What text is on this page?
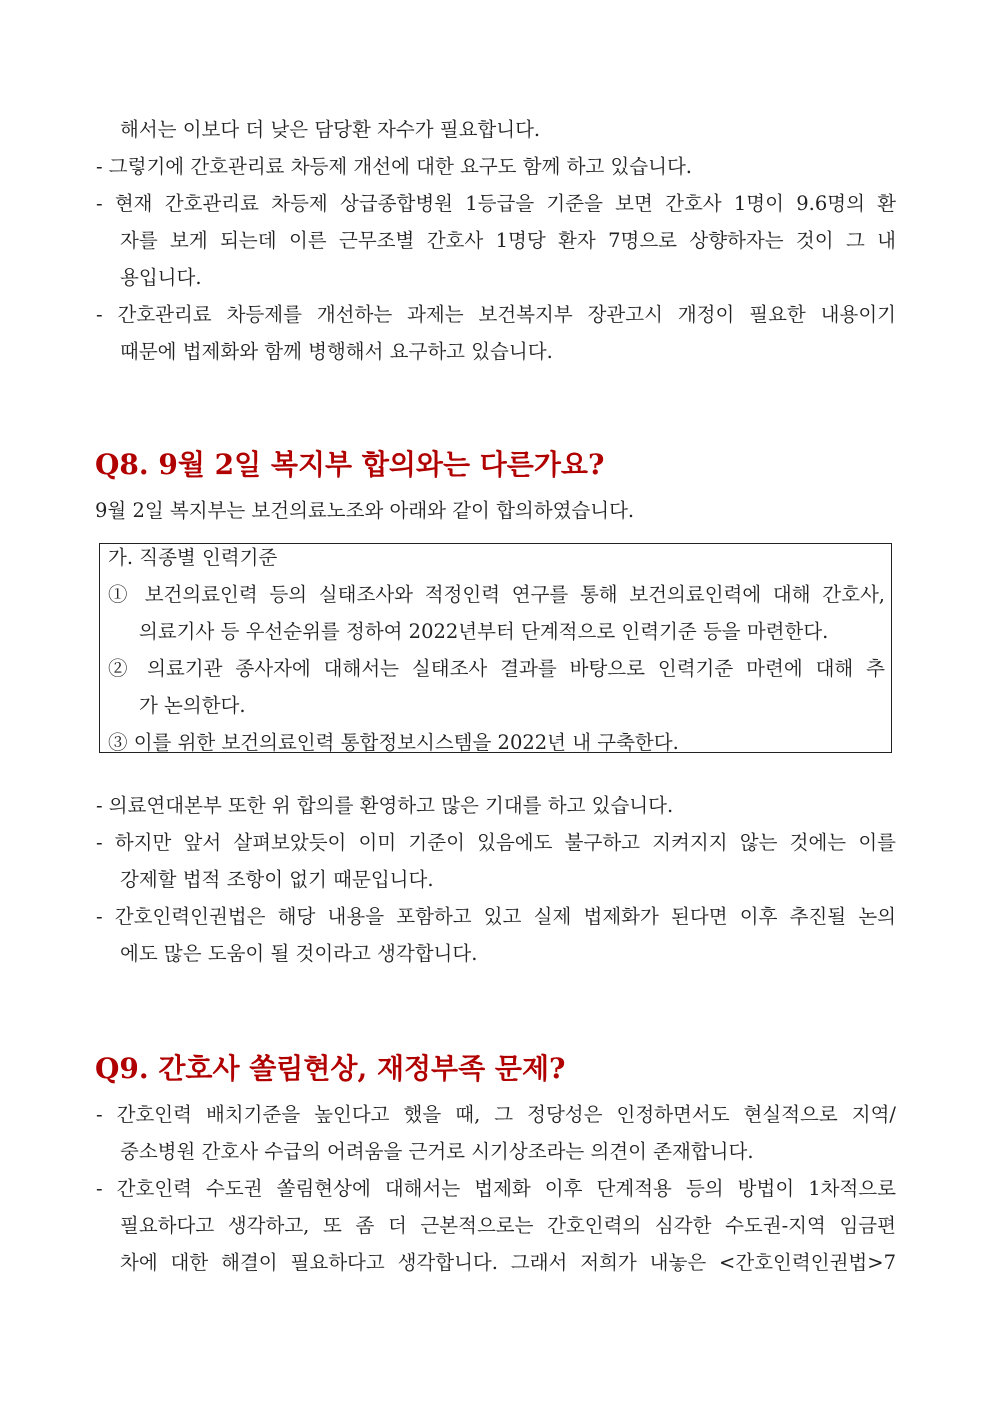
해서는 이보다 더 낮은 담당환 자수가 필요합니다.
- 그렇기에 간호관리료 차등제 개선에 대한 요구도 함께 하고 있습니다.
- 현재 간호관리료 차등제 상급종합병원 1등급을 기준을 보면 간호사 1명이 9.6명의 환
자를 보게 되는데 이른 근무조별 간호사 1명당 환자 7명으로 상향하자는 것이 그 내
용입니다.
- 간호관리료 차등제를 개선하는 과제는 보건복지부 장관고시 개정이 필요한 내용이기
때문에 법제화와 함께 병행해서 요구하고 있습니다.
Q8. 9월 2일 복지부 합의와는 다른가요?
9월 2일 복지부는 보건의료노조와 아래와 같이 합의하였습니다.
가. 직종별 인력기준
① 보건의료인력 등의 실태조사와 적정인력 연구를 통해 보건의료인력에 대해 간호사,
의료기사 등 우선순위를 정하여 2022년부터 단계적으로 인력기준 등을 마련한다.
② 의료기관 종사자에 대해서는 실태조사 결과를 바탕으로 인력기준 마련에 대해 추
가 논의한다.
③ 이를 위한 보건의료인력 통합정보시스템을 2022년 내 구축한다.
- 의료연대본부 또한 위 합의를 환영하고 많은 기대를 하고 있습니다.
- 하지만 앞서 살펴보았듯이 이미 기준이 있음에도 불구하고 지켜지지 않는 것에는 이를
강제할 법적 조항이 없기 때문입니다.
- 간호인력인권법은 해당 내용을 포함하고 있고 실제 법제화가 된다면 이후 추진될 논의
에도 많은 도움이 될 것이라고 생각합니다.
Q9. 간호사 쏠림현상, 재정부족 문제?
- 간호인력 배치기준을 높인다고 했을 때, 그 정당성은 인정하면서도 현실적으로 지역/
중소병원 간호사 수급의 어려움을 근거로 시기상조라는 의견이 존재합니다.
- 간호인력 수도권 쏠림현상에 대해서는 법제화 이후 단계적용 등의 방법이 1차적으로
필요하다고 생각하고, 또 좀 더 근본적으로는 간호인력의 심각한 수도권-지역 임금편
차에 대한 해결이 필요하다고 생각합니다. 그래서 저희가 내놓은 <간호인력인권법>7
